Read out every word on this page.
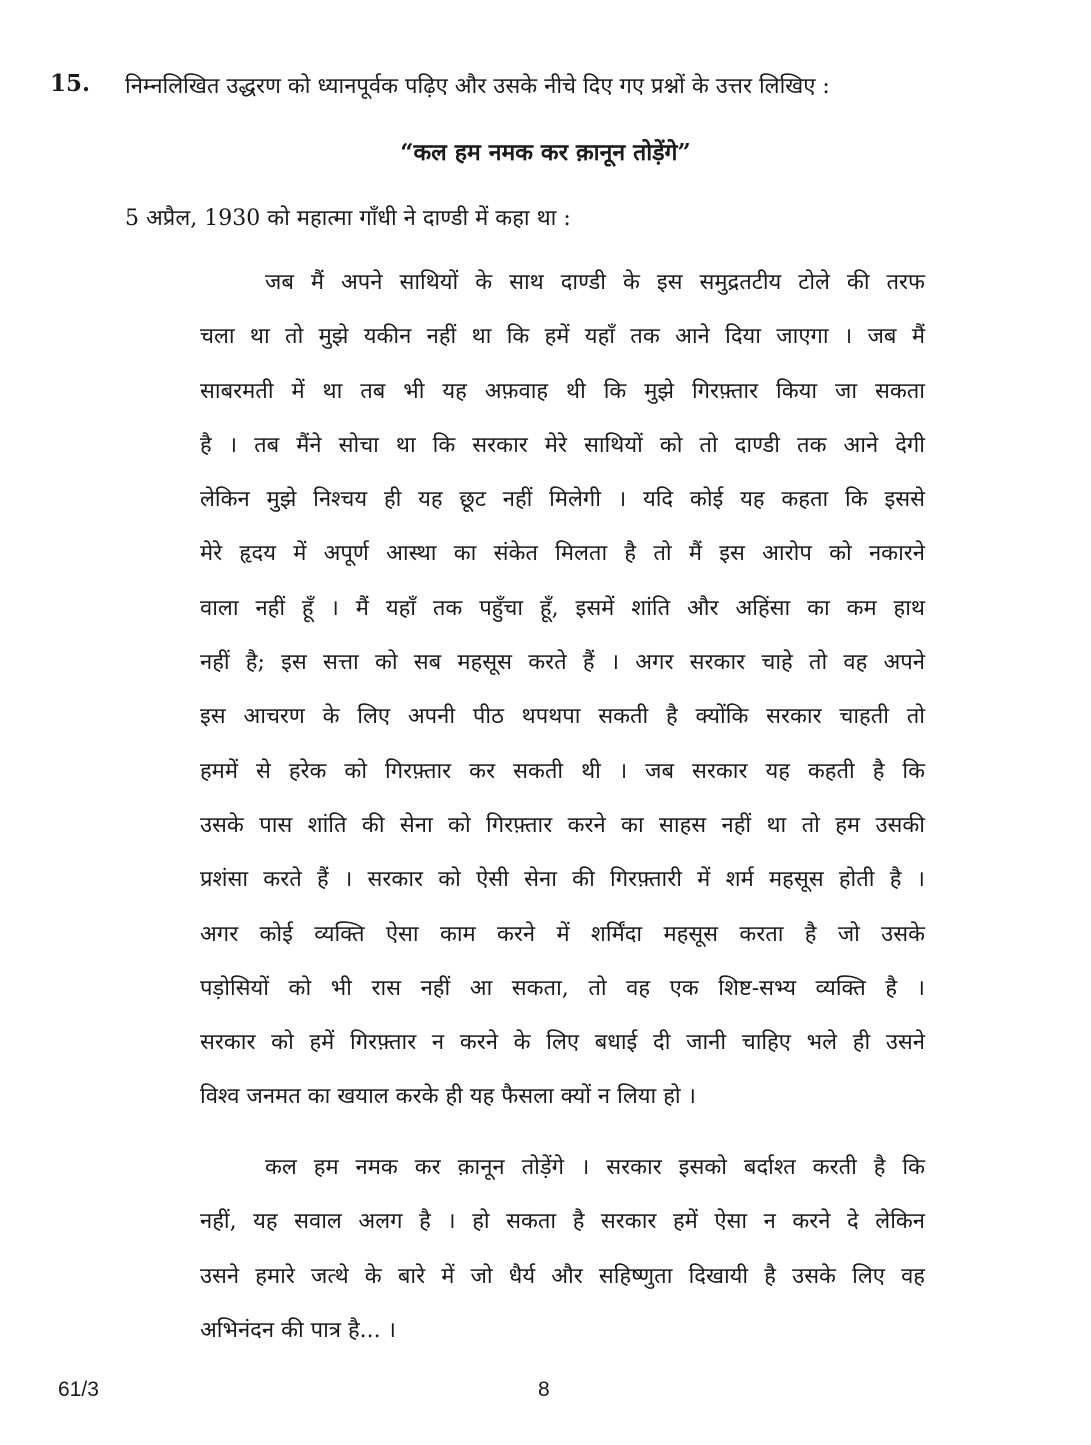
15. निम्नलिखित उद्धरण को ध्यानपूर्वक पढ़िए और उसके नीचे दिए गए प्रश्नों के उत्तर लिखिए :
“कल हम नमक कर क़ानून तोड़ेंगे”
5 अप्रैल, 1930 को महात्मा गाँधी ने दाण्डी में कहा था :
जब मैं अपने साथियों के साथ दाण्डी के इस समुद्रतटीय टोले की तरफ
चला था तो मुझे यकीन नहीं था कि हमें यहाँ तक आने दिया जाएगा । जब मैं
साबरमती में था तब भी यह अफ़वाह थी कि मुझे गिरफ़्तार किया जा सकता
है । तब मैंने सोचा था कि सरकार मेरे साथियों को तो दाण्डी तक आने देगी
लेकिन मुझे निश्चय ही यह छूट नहीं मिलेगी । यदि कोई यह कहता कि इससे
मेरे हृदय में अपूर्ण आस्था का संकेत मिलता है तो मैं इस आरोप को नकारने
वाला नहीं हूँ । मैं यहाँ तक पहुँचा हूँ, इसमें शांति और अहिंसा का कम हाथ
नहीं है; इस सत्ता को सब महसूस करते हैं । अगर सरकार चाहे तो वह अपने
इस आचरण के लिए अपनी पीठ थपथपा सकती है क्योंकि सरकार चाहती तो
हममें से हरेक को गिरफ़्तार कर सकती थी । जब सरकार यह कहती है कि
उसके पास शांति की सेना को गिरफ़्तार करने का साहस नहीं था तो हम उसकी
प्रशंसा करते हैं । सरकार को ऐसी सेना की गिरफ़्तारी में शर्म महसूस होती है ।
अगर कोई व्यक्ति ऐसा काम करने में शर्मिंदा महसूस करता है जो उसके
पड़ोसियों को भी रास नहीं आ सकता, तो वह एक शिष्ट-सभ्य व्यक्ति है ।
सरकार को हमें गिरफ़्तार न करने के लिए बधाई दी जानी चाहिए भले ही उसने
विश्व जनमत का खयाल करके ही यह फैसला क्यों न लिया हो ।
कल हम नमक कर क़ानून तोड़ेंगे । सरकार इसको बर्दाश्त करती है कि
नहीं, यह सवाल अलग है । हो सकता है सरकार हमें ऐसा न करने दे लेकिन
उसने हमारे जत्थे के बारे में जो धैर्य और सहिष्णुता दिखायी है उसके लिए वह
अभिनंदन की पात्र है... ।
61/3	8
